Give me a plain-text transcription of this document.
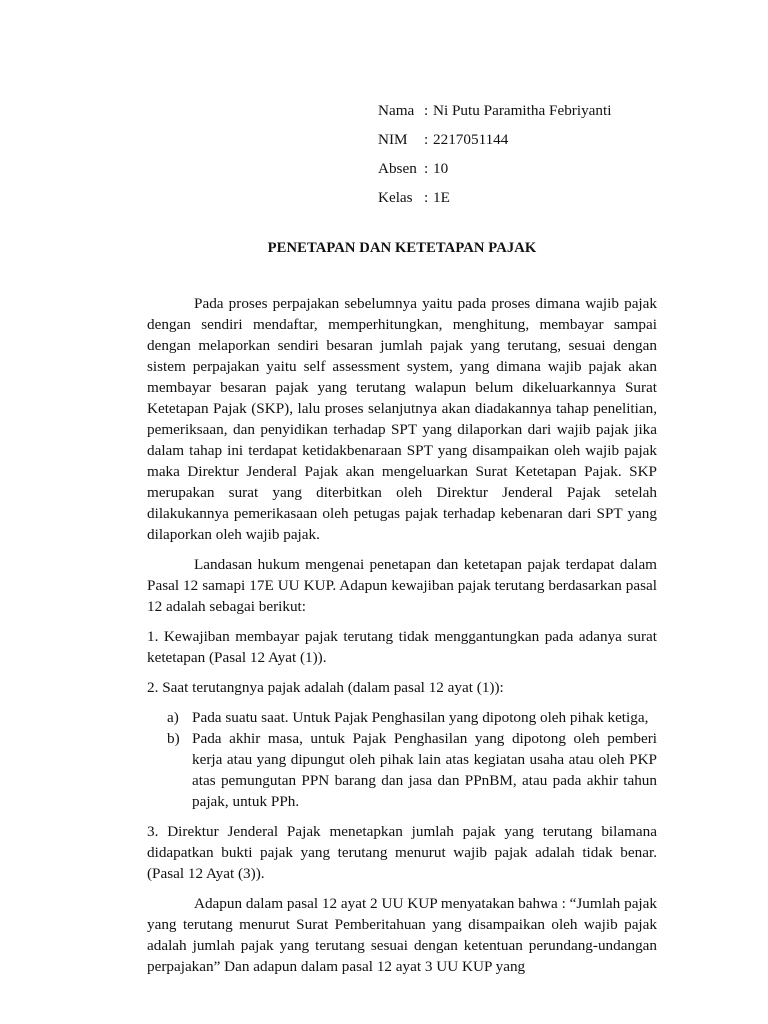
Nama : Ni Putu Paramitha Febriyanti
NIM : 2217051144
Absen : 10
Kelas : 1E
PENETAPAN DAN KETETAPAN PAJAK

Pada proses perpajakan sebelumnya yaitu pada proses dimana wajib pajak dengan sendiri mendaftar, memperhitungkan, menghitung, membayar sampai dengan melaporkan sendiri besaran jumlah pajak yang terutang, sesuai dengan sistem perpajakan yaitu self assessment system, yang dimana wajib pajak akan membayar besaran pajak yang terutang walapun belum dikeluarkannya Surat Ketetapan Pajak (SKP), lalu proses selanjutnya akan diadakannya tahap penelitian, pemeriksaan, dan penyidikan terhadap SPT yang dilaporkan dari wajib pajak jika dalam tahap ini terdapat ketidakbenaraan SPT yang disampaikan oleh wajib pajak maka Direktur Jenderal Pajak akan mengeluarkan Surat Ketetapan Pajak. SKP merupakan surat yang diterbitkan oleh Direktur Jenderal Pajak setelah dilakukannya pemerikasaan oleh petugas pajak terhadap kebenaran dari SPT yang dilaporkan oleh wajib pajak.

Landasan hukum mengenai penetapan dan ketetapan pajak terdapat dalam Pasal 12 samapi 17E UU KUP. Adapun kewajiban pajak terutang berdasarkan pasal 12 adalah sebagai berikut:

1. Kewajiban membayar pajak terutang tidak menggantungkan pada adanya surat ketetapan (Pasal 12 Ayat (1)).

2. Saat terutangnya pajak adalah (dalam pasal 12 ayat (1)):

a) Pada suatu saat. Untuk Pajak Penghasilan yang dipotong oleh pihak ketiga,
b) Pada akhir masa, untuk Pajak Penghasilan yang dipotong oleh pemberi kerja atau yang dipungut oleh pihak lain atas kegiatan usaha atau oleh PKP atas pemungutan PPN barang dan jasa dan PPnBM, atau pada akhir tahun pajak, untuk PPh.

3. Direktur Jenderal Pajak menetapkan jumlah pajak yang terutang bilamana didapatkan bukti pajak yang terutang menurut wajib pajak adalah tidak benar. (Pasal 12 Ayat (3)).

Adapun dalam pasal 12 ayat 2 UU KUP menyatakan bahwa : “Jumlah pajak yang terutang menurut Surat Pemberitahuan yang disampaikan oleh wajib pajak adalah jumlah pajak yang terutang sesuai dengan ketentuan perundang-undangan perpajakan” Dan adapun dalam pasal 12 ayat 3 UU KUP yang
